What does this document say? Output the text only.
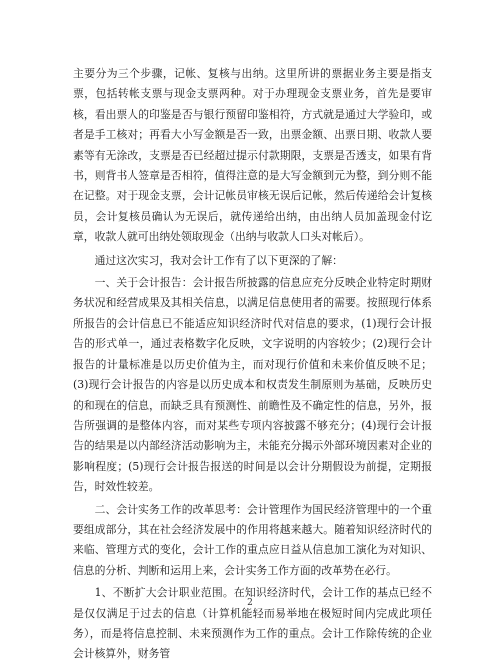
主要分为三个步骤，记帐、复核与出纳。这里所讲的票据业务主要是指支票，包括转帐支票与现金支票两种。对于办理现金支票业务，首先是要审核，看出票人的印鉴是否与银行预留印鉴相符，方式就是通过大学验印，或者是手工核对；再看大小写金额是否一致，出票金额、出票日期、收款人要素等有无涂改，支票是否已经超过提示付款期限，支票是否透支，如果有背书，则背书人签章是否相符，值得注意的是大写金额到元为整，到分则不能在记整。对于现金支票，会计记帐员审核无误后记帐，然后传递给会计复核员，会计复核员确认为无误后，就传递给出纳，由出纳人员加盖现金付讫章，收款人就可出纳处领取现金（出纳与收款人口头对帐后）。

通过这次实习，我对会计工作有了以下更深的了解：

一、关于会计报告：会计报告所披露的信息应充分反映企业特定时期财务状况和经营成果及其相关信息，以满足信息使用者的需要。按照现行体系所报告的会计信息已不能适应知识经济时代对信息的要求，(1)现行会计报告的形式单一，通过表格数字化反映，文字说明的内容较少；(2)现行会计报告的计量标准是以历史价值为主，而对现行价值和未来价值反映不足；(3)现行会计报告的内容是以历史成本和权责发生制原则为基础，反映历史的和现在的信息，而缺乏具有预测性、前瞻性及不确定性的信息，另外，报告所强调的是整体内容，而对某些专项内容披露不够充分；(4)现行会计报告的结果是以内部经济活动影响为主，未能充分揭示外部环境因素对企业的影响程度；(5)现行会计报告报送的时间是以会计分期假设为前提，定期报告，时效性较差。

二、会计实务工作的改革思考：会计管理作为国民经济管理中的一个重要组成部分，其在社会经济发展中的作用将越来越大。随着知识经济时代的来临、管理方式的变化，会计工作的重点应日益从信息加工演化为对知识、信息的分析、判断和运用上来，会计实务工作方面的改革势在必行。

1、不断扩大会计职业范围。在知识经济时代，会计工作的基点已经不是仅仅满足于过去的信息（计算机能轻而易举地在极短时间内完成此项任务），而是将信息控制、未来预测作为工作的重点。会计工作除传统的企业会计核算外，财务管

2
